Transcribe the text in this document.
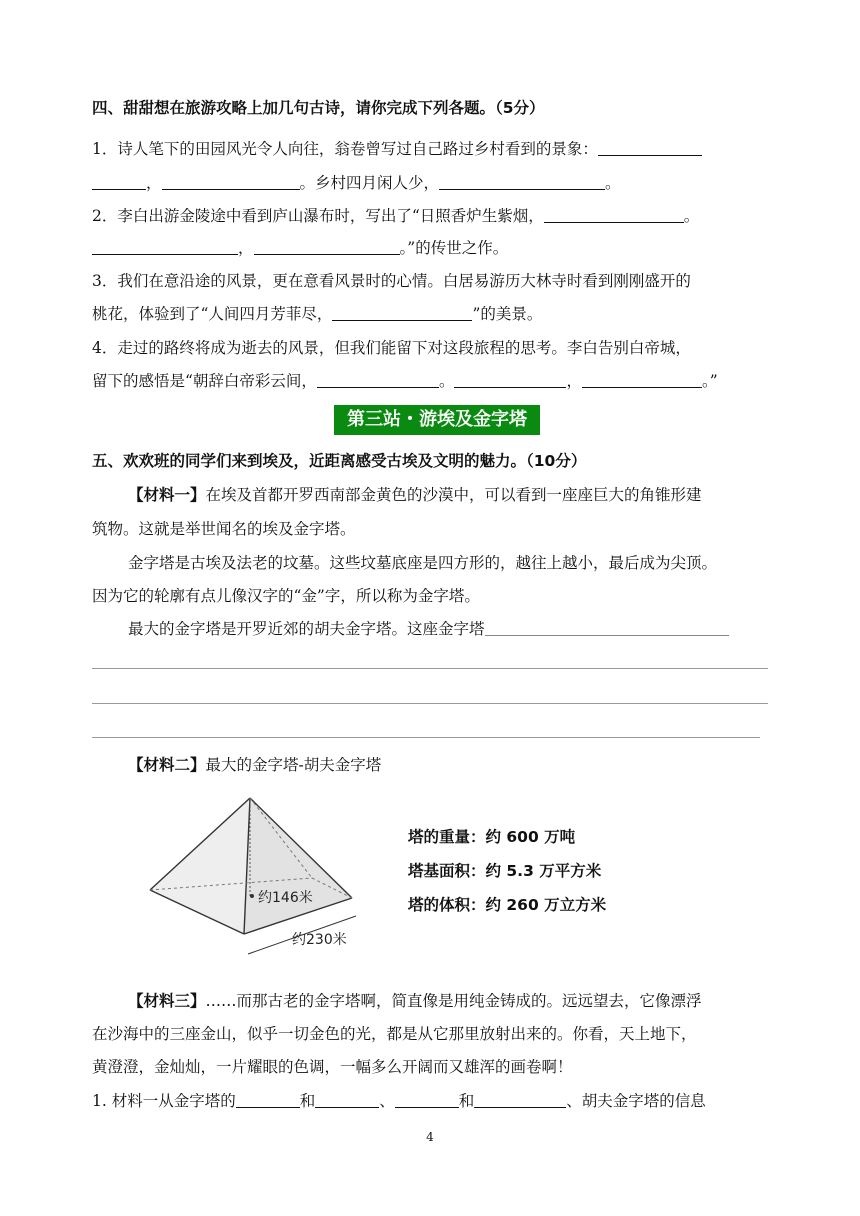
四、甜甜想在旅游攻略上加几句古诗，请你完成下列各题。（5分）
1．诗人笔下的田园风光令人向往，翁卷曾写过自己路过乡村看到的景象：
，	。乡村四月闲人少，	。
2．李白出游金陵途中看到庐山瀑布时，写出了“日照香炉生紫烟，	。
，	。”的传世之作。
3．我们在意沿途的风景，更在意看风景时的心情。白居易游历大林寺时看到刚刚盛开的
桃花，体验到了“人间四月芳菲尽，	”的美景。
4．走过的路终将成为逝去的风景，但我们能留下对这段旅程的思考。李白告别白帝城，
留下的感悟是“朝辞白帝彩云间，	。	，	。”
第三站・游埃及金字塔
五、欢欢班的同学们来到埃及，近距离感受古埃及文明的魅力。（10分）
【材料一】在埃及首都开罗西南部金黄色的沙漠中，可以看到一座座巨大的角锥形建
筑物。这就是举世闻名的埃及金字塔。
金字塔是古埃及法老的坟墓。这些坟墓底座是四方形的，越往上越小，最后成为尖顶。
因为它的轮廓有点儿像汉字的“金”字，所以称为金字塔。
最大的金字塔是开罗近郊的胡夫金字塔。这座金字塔
【材料二】最大的金字塔-胡夫金字塔
约146米
约230米
塔的重量：约 600 万吨
塔基面积：约 5.3 万平方米
塔的体积：约 260 万立方米
【材料三】……而那古老的金字塔啊，简直像是用纯金铸成的。远远望去，它像漂浮
在沙海中的三座金山，似乎一切金色的光，都是从它那里放射出来的。你看，天上地下，
黄澄澄，金灿灿，一片耀眼的色调，一幅多么开阔而又雄浑的画卷啊！
1. 材料一从金字塔的	和	、	和	、胡夫金字塔的信息
4
